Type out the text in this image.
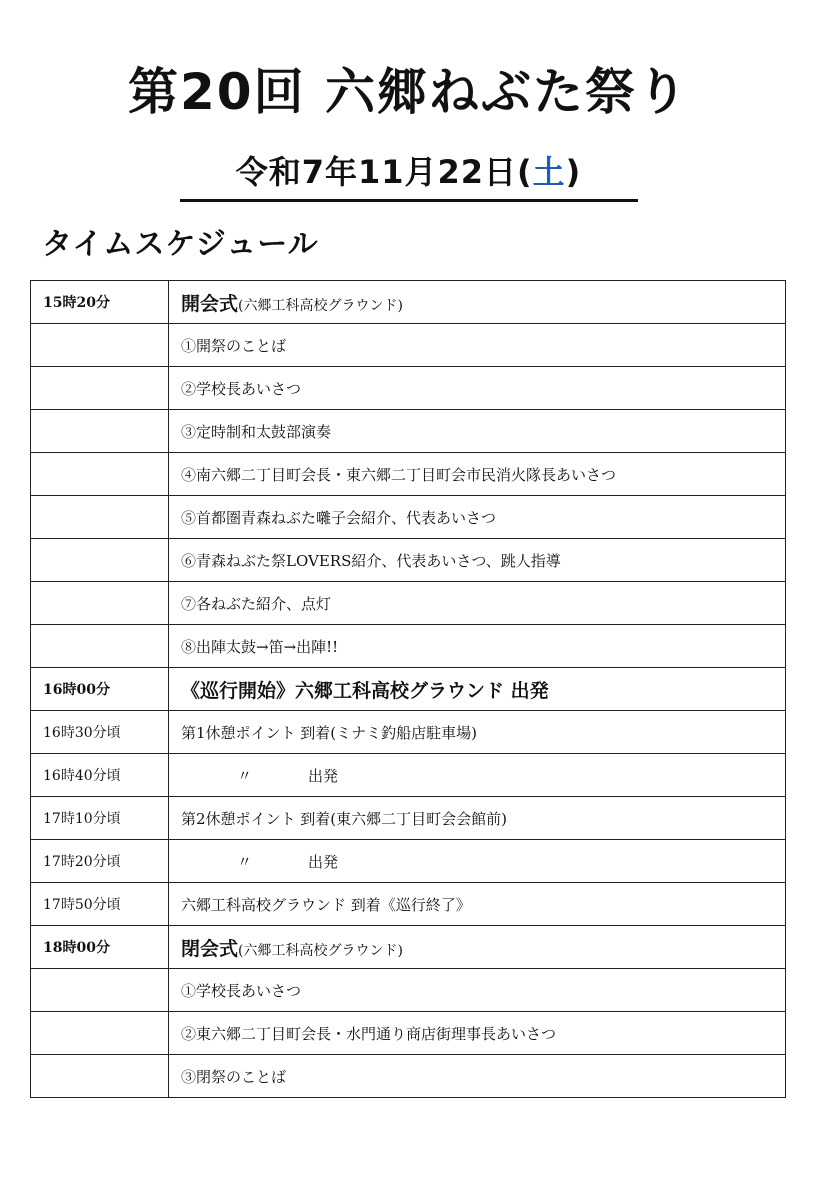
第20回 六郷ねぶた祭り
令和7年11月22日(土)
タイムスケジュール
15時20分	開会式(六郷工科高校グラウンド)
	①開祭のことば
	②学校長あいさつ
	③定時制和太鼓部演奏
	④南六郷二丁目町会長・東六郷二丁目町会市民消火隊長あいさつ
	⑤首都圏青森ねぶた囃子会紹介、代表あいさつ
	⑥青森ねぶた祭LOVERS紹介、代表あいさつ、跳人指導
	⑦各ねぶた紹介、点灯
	⑧出陣太鼓→笛→出陣!!
16時00分	《巡行開始》六郷工科高校グラウンド 出発
16時30分頃	第1休憩ポイント 到着(ミナミ釣船店駐車場)
16時40分頃	〃 出発
17時10分頃	第2休憩ポイント 到着(東六郷二丁目町会会館前)
17時20分頃	〃 出発
17時50分頃	六郷工科高校グラウンド 到着《巡行終了》
18時00分	閉会式(六郷工科高校グラウンド)
	①学校長あいさつ
	②東六郷二丁目町会長・水門通り商店街理事長あいさつ
	③閉祭のことば
